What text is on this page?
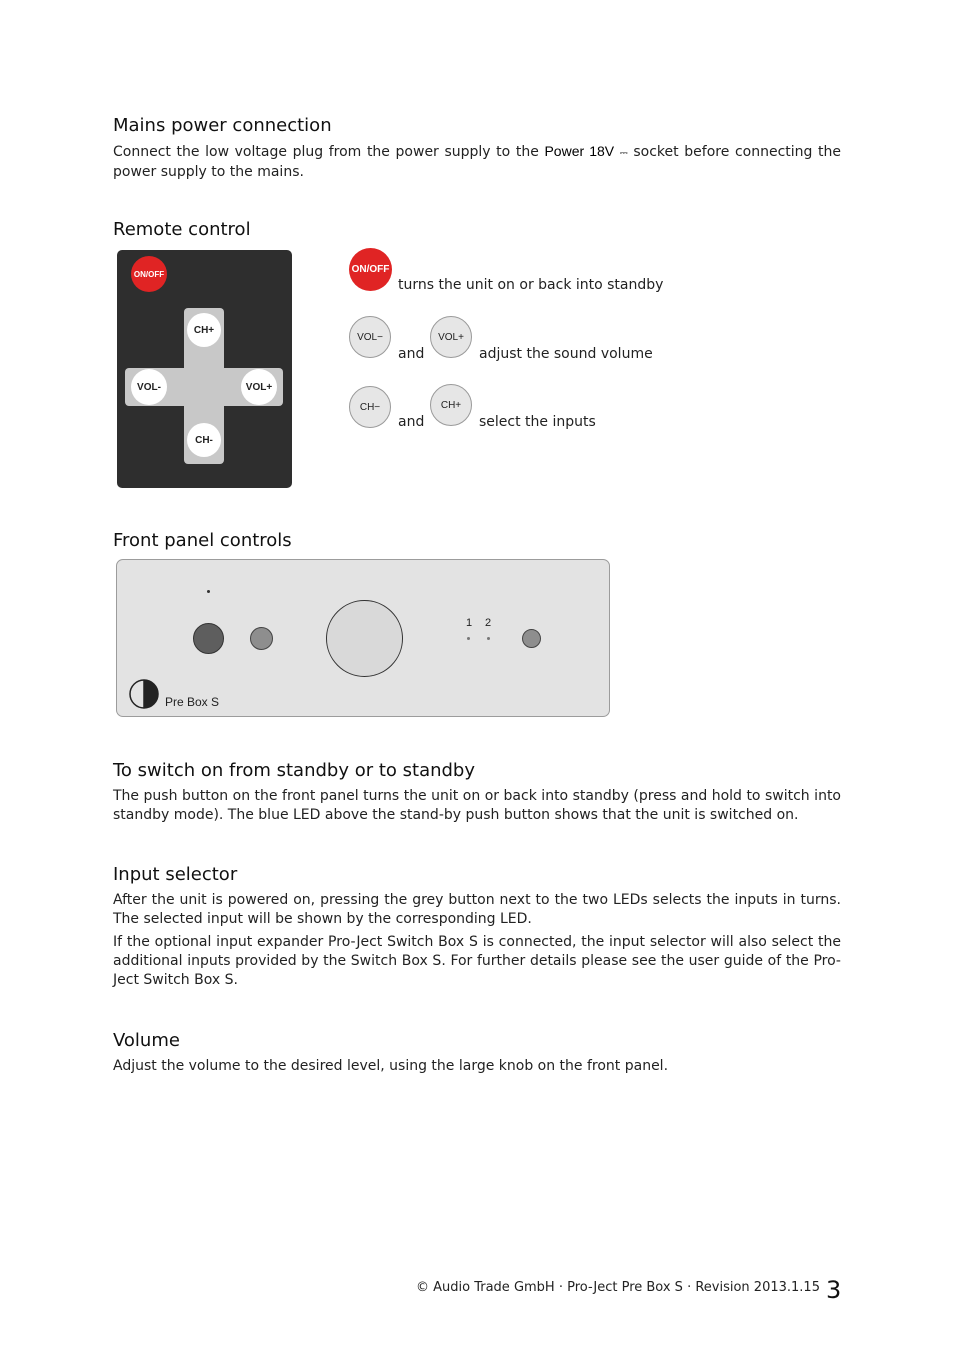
Mains power connection

Connect the low voltage plug from the power supply to the Power 18V ⎓ socket before connecting the power supply to the mains.

Remote control
ON/OFF
CH+
CH-
VOL-	VOL+
ON/OFF
turns the unit on or back into standby
VOL−
and
VOL+
adjust the sound volume
CH−
and
CH+
select the inputs
Front panel controls
1 2
Pre Box S
To switch on from standby or to standby

The push button on the front panel turns the unit on or back into standby (press and hold to switch into standby mode). The blue LED above the stand-by push button shows that the unit is switched on.

Input selector

After the unit is powered on, pressing the grey button next to the two LEDs selects the inputs in turns. The selected input will be shown by the corresponding LED.

If the optional input expander Pro-Ject Switch Box S is connected, the input selector will also select the additional inputs provided by the Switch Box S. For further details please see the user guide of the Pro-Ject Switch Box S.

Volume

Adjust the volume to the desired level, using the large knob on the front panel.

© Audio Trade GmbH · Pro-Ject Pre Box S · Revision 2013.1.15 3
